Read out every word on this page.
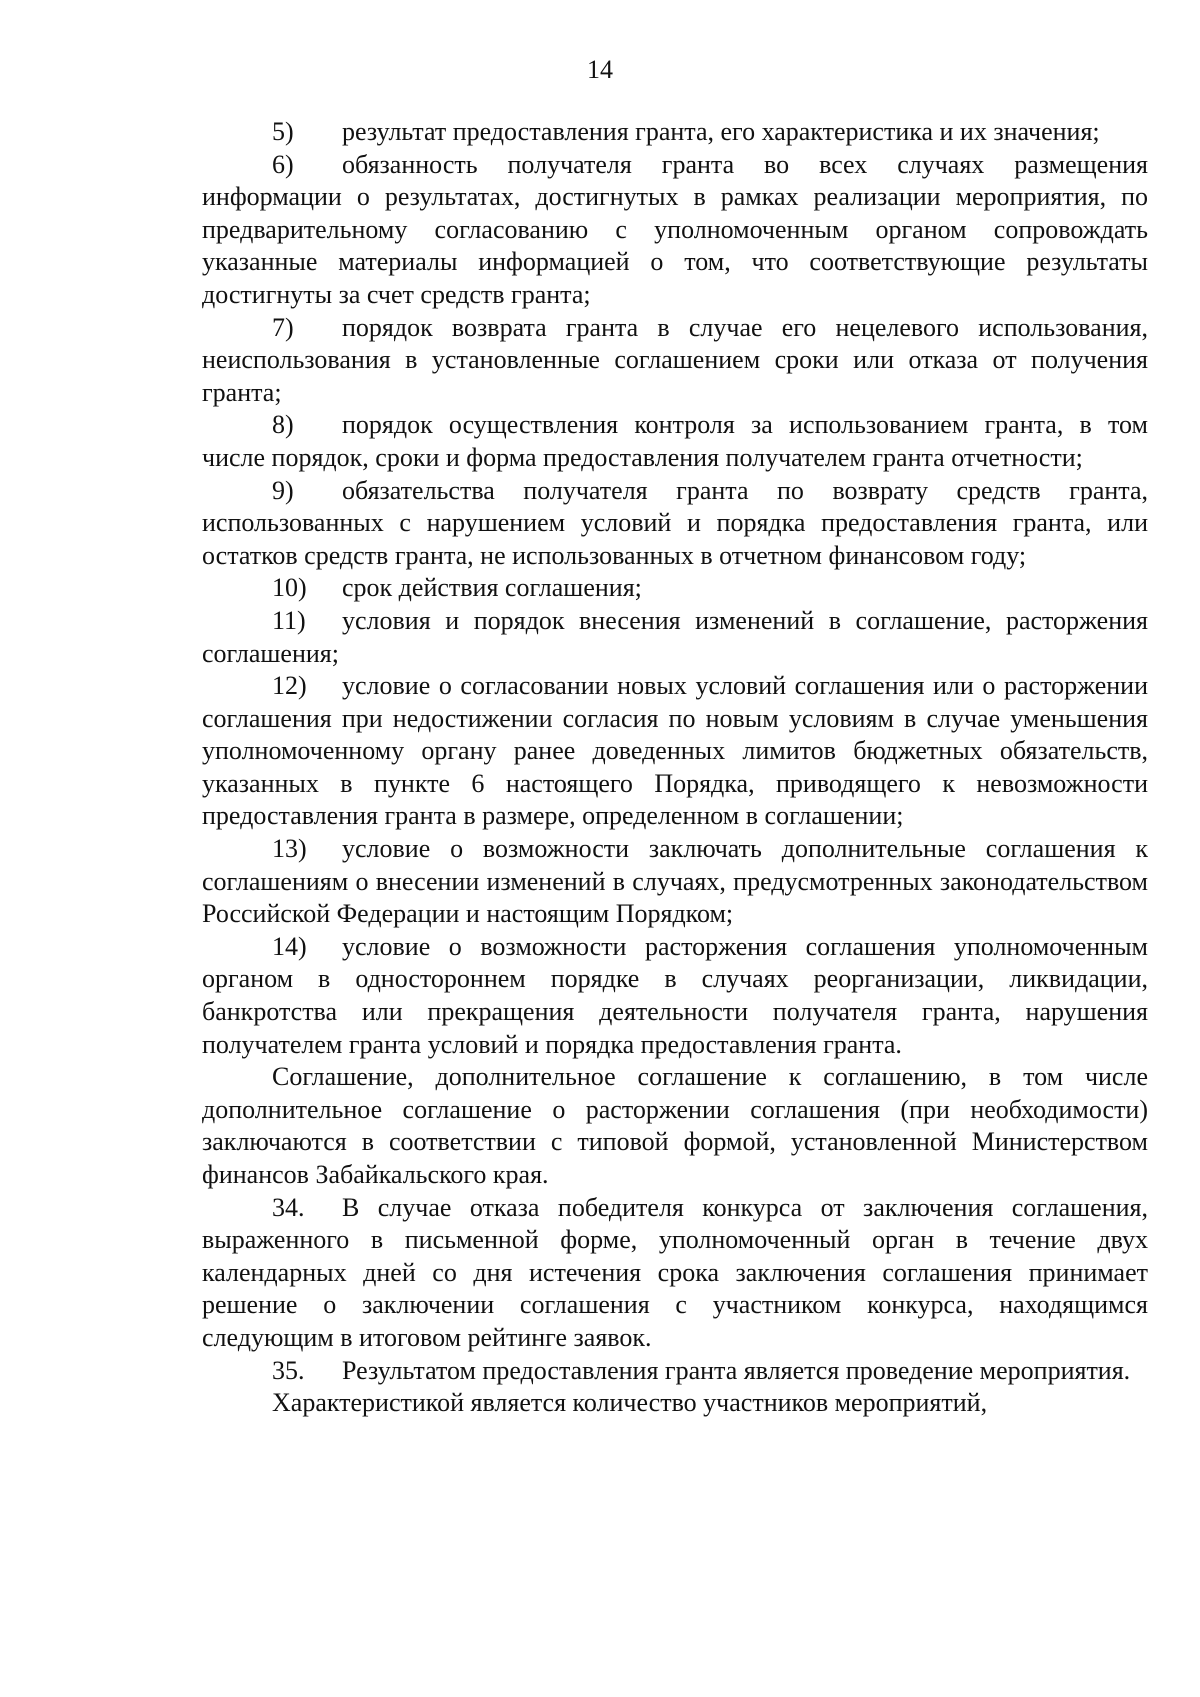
14

5) результат предоставления гранта, его характеристика и их значения;

6) обязанность получателя гранта во всех случаях размещения информации о результатах, достигнутых в рамках реализации мероприятия, по предварительному согласованию с уполномоченным органом сопровождать указанные материалы информацией о том, что соответствующие результаты достигнуты за счет средств гранта;

7) порядок возврата гранта в случае его нецелевого использования, неиспользования в установленные соглашением сроки или отказа от получения гранта;

8) порядок осуществления контроля за использованием гранта, в том числе порядок, сроки и форма предоставления получателем гранта отчетности;

9) обязательства получателя гранта по возврату средств гранта, использованных с нарушением условий и порядка предоставления гранта, или остатков средств гранта, не использованных в отчетном финансовом году;

10) срок действия соглашения;

11) условия и порядок внесения изменений в соглашение, расторжения соглашения;

12) условие о согласовании новых условий соглашения или о расторжении соглашения при недостижении согласия по новым условиям в случае уменьшения уполномоченному органу ранее доведенных лимитов бюджетных обязательств, указанных в пункте 6 настоящего Порядка, приводящего к невозможности предоставления гранта в размере, определенном в соглашении;

13) условие о возможности заключать дополнительные соглашения к соглашениям о внесении изменений в случаях, предусмотренных законодательством Российской Федерации и настоящим Порядком;

14) условие о возможности расторжения соглашения уполномоченным органом в одностороннем порядке в случаях реорганизации, ликвидации, банкротства или прекращения деятельности получателя гранта, нарушения получателем гранта условий и порядка предоставления гранта.

Соглашение, дополнительное соглашение к соглашению, в том числе дополнительное соглашение о расторжении соглашения (при необходимости) заключаются в соответствии с типовой формой, установленной Министерством финансов Забайкальского края.

34. В случае отказа победителя конкурса от заключения соглашения, выраженного в письменной форме, уполномоченный орган в течение двух календарных дней со дня истечения срока заключения соглашения принимает решение о заключении соглашения с участником конкурса, находящимся следующим в итоговом рейтинге заявок.

35. Результатом предоставления гранта является проведение мероприятия.

Характеристикой является количество участников мероприятий,
